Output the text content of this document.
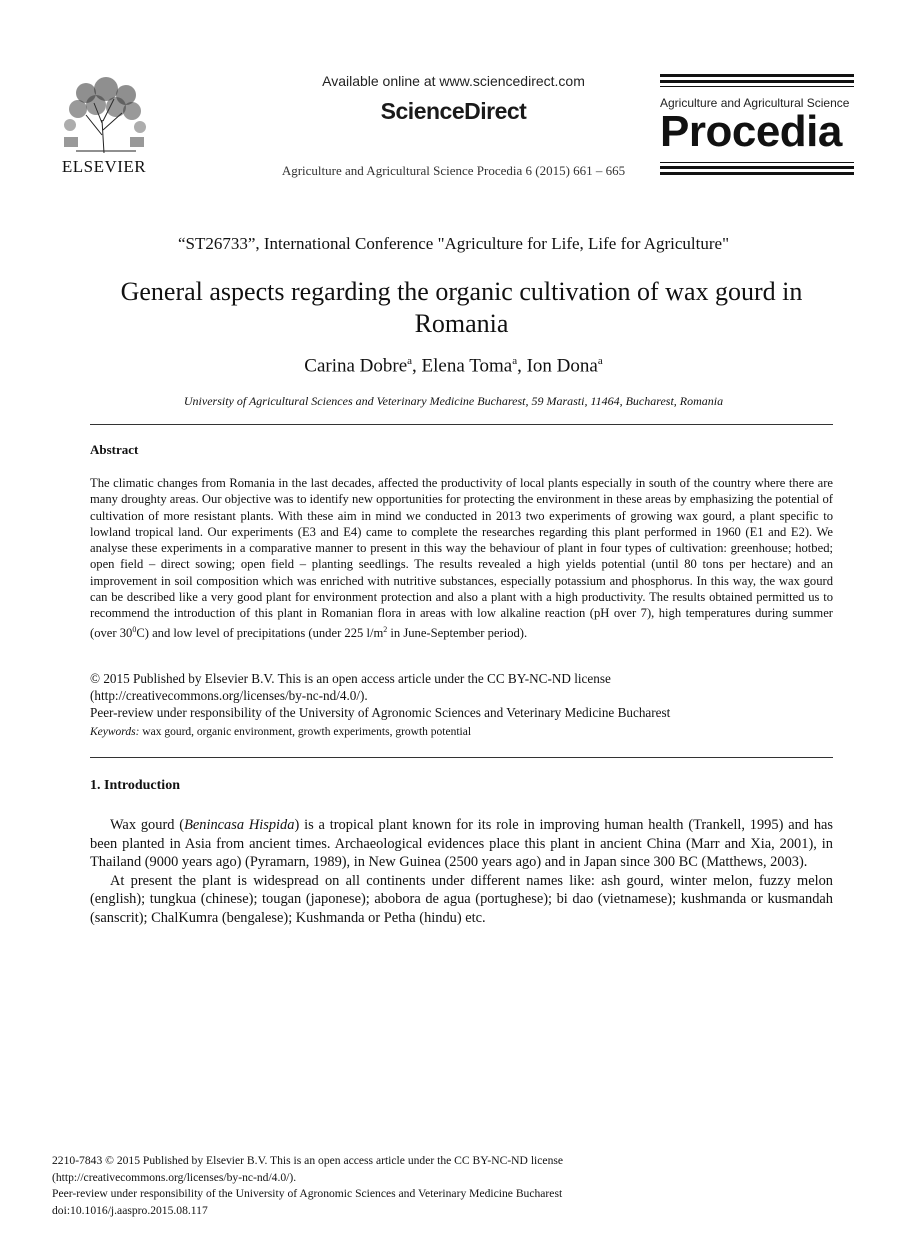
ELSEVIER
Available online at www.sciencedirect.com
ScienceDirect
Agriculture and Agricultural Science Procedia 6 (2015) 661 – 665
Agriculture and Agricultural Science
Procedia
“ST26733”, International Conference "Agriculture for Life, Life for Agriculture"
General aspects regarding the organic cultivation of wax gourd in Romania
Carina Dobre$^a$, Elena Toma$^a$, Ion Dona$^a$
University of Agricultural Sciences and Veterinary Medicine Bucharest, 59 Marasti, 11464, Bucharest, Romania
Abstract
The climatic changes from Romania in the last decades, affected the productivity of local plants especially in south of the country where there are many droughty areas. Our objective was to identify new opportunities for protecting the environment in these areas by emphasizing the potential of cultivation of more resistant plants. With these aim in mind we conducted in 2013 two experiments of growing wax gourd, a plant specific to lowland tropical land. Our experiments (E3 and E4) came to complete the researches regarding this plant performed in 1960 (E1 and E2). We analyse these experiments in a comparative manner to present in this way the behaviour of plant in four types of cultivation: greenhouse; hotbed; open field – direct sowing; open field – planting seedlings. The results revealed a high yields potential (until 80 tons per hectare) and an improvement in soil composition which was enriched with nutritive substances, especially potassium and phosphorus. In this way, the wax gourd can be described like a very good plant for environment protection and also a plant with a high productivity. The results obtained permitted us to recommend the introduction of this plant in Romanian flora in areas with low alkaline reaction (pH over 7), high temperatures during summer (over $30^0C$) and low level of precipitations (under 225 $l/m^2$ in June-September period).
© 2015 Published by Elsevier B.V. This is an open access article under the CC BY-NC-ND license
(http://creativecommons.org/licenses/by-nc-nd/4.0/).
Peer-review under responsibility of the University of Agronomic Sciences and Veterinary Medicine Bucharest
Keywords: wax gourd, organic environment, growth experiments, growth potential
1. Introduction

Wax gourd (Benincasa Hispida) is a tropical plant known for its role in improving human health (Trankell, 1995) and has been planted in Asia from ancient times. Archaeological evidences place this plant in ancient China (Marr and Xia, 2001), in Thailand (9000 years ago) (Pyramarn, 1989), in New Guinea (2500 years ago) and in Japan since 300 BC (Matthews, 2003).

At present the plant is widespread on all continents under different names like: ash gourd, winter melon, fuzzy melon (english); tungkua (chinese); tougan (japonese); abobora de agua (portughese); bi dao (vietnamese); kushmanda or kusmandah (sanscrit); ChalKumra (bengalese); Kushmanda or Petha (hindu) etc.

2210-7843 © 2015 Published by Elsevier B.V. This is an open access article under the CC BY-NC-ND license
(http://creativecommons.org/licenses/by-nc-nd/4.0/).
Peer-review under responsibility of the University of Agronomic Sciences and Veterinary Medicine Bucharest
doi:10.1016/j.aaspro.2015.08.117
